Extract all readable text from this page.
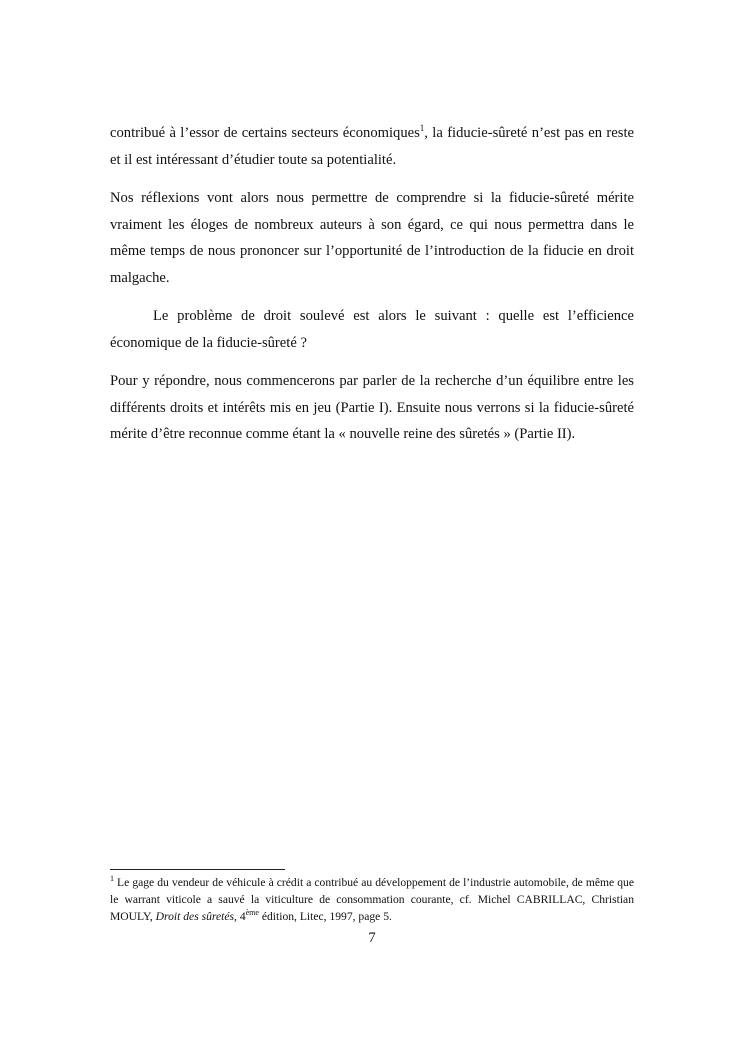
contribué à l’essor de certains secteurs économiques$^1$, la fiducie-sûreté n’est pas en reste et il est intéressant d’étudier toute sa potentialité.

Nos réflexions vont alors nous permettre de comprendre si la fiducie-sûreté mérite vraiment les éloges de nombreux auteurs à son égard, ce qui nous permettra dans le même temps de nous prononcer sur l’opportunité de l’introduction de la fiducie en droit malgache.

Le problème de droit soulevé est alors le suivant : quelle est l’efficience économique de la fiducie-sûreté ?

Pour y répondre, nous commencerons par parler de la recherche d’un équilibre entre les différents droits et intérêts mis en jeu (Partie I). Ensuite nous verrons si la fiducie-sûreté mérite d’être reconnue comme étant la « nouvelle reine des sûretés » (Partie II).

$^1$ Le gage du vendeur de véhicule à crédit a contribué au développement de l’industrie automobile, de même que le warrant viticole a sauvé la viticulture de consommation courante, cf. Michel CABRILLAC, Christian MOULY, Droit des sûretés, 4ème édition, Litec, 1997, page 5.
7
